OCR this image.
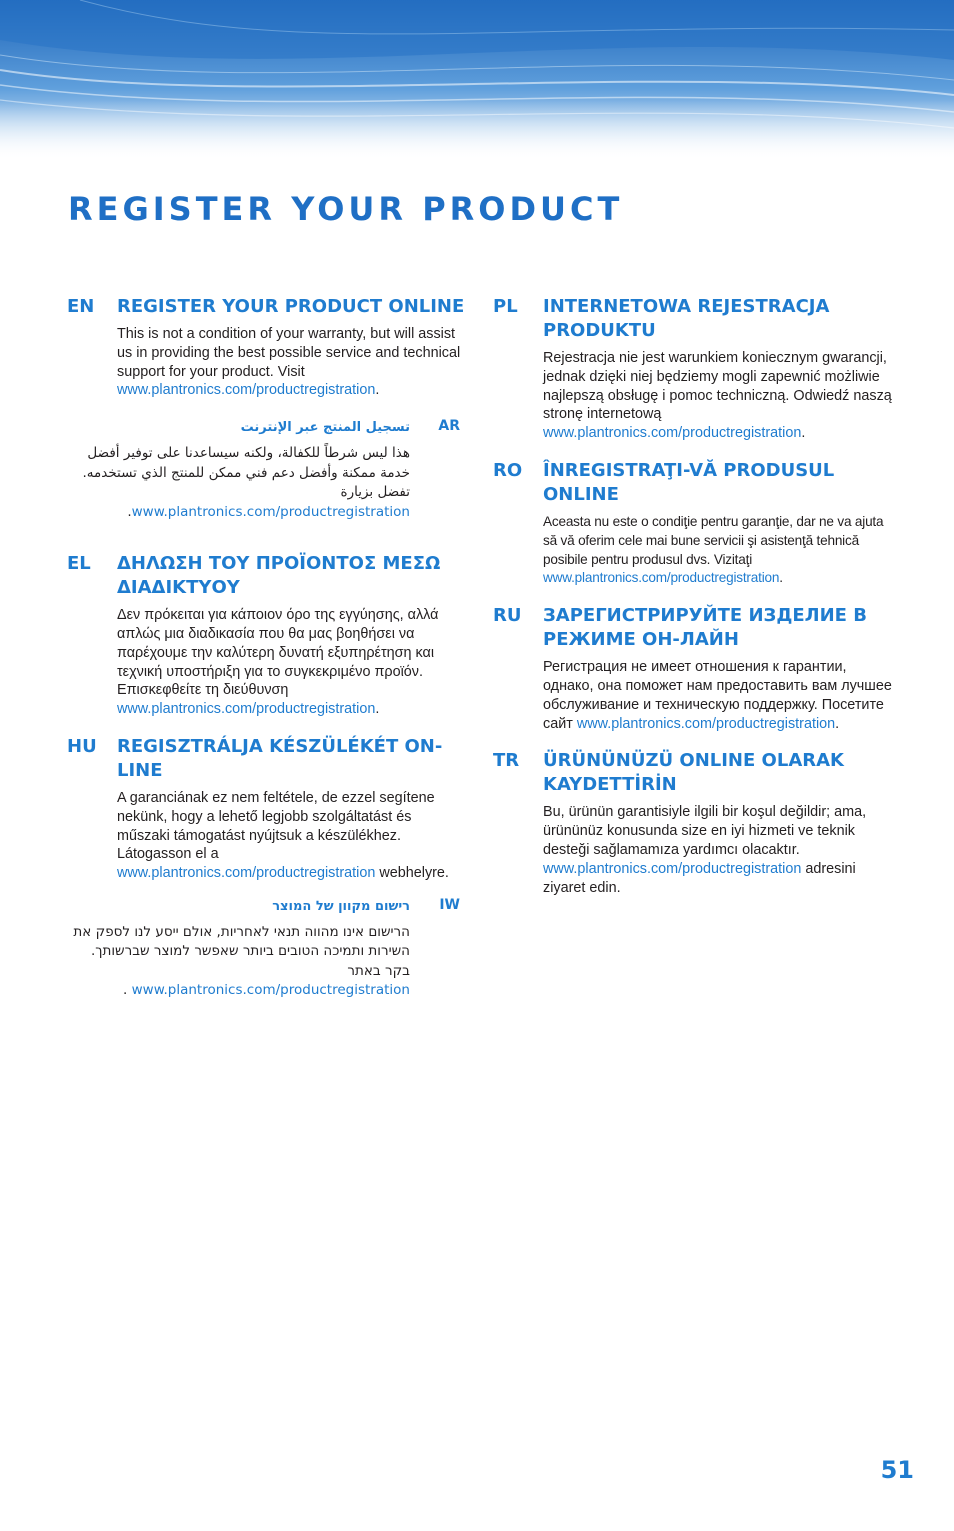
REGISTER YOUR PRODUCT
EN	REGISTER YOUR PRODUCT ONLINE

This is not a condition of your warranty, but will assist us in providing the best possible service and technical support for your product. Visit www.plantronics.com/productregistration.

AR
تسجيل المنتج عبر الإنترنت

هذا ليس شرطاً للكفالة، ولكنه سيساعدنا على توفير أفضل خدمة ممكنة وأفضل دعم فني ممكن للمنتج الذي تستخدمه. تفضل بزيارة www.plantronics.com/productregistration.

EL	ΔΗΛΩΣΗ ΤΟΥ ΠΡΟΪΟΝΤΟΣ ΜΕΣΩ ΔΙΑΔΙΚΤΥΟΥ

Δεν πρόκειται για κάποιον όρο της εγγύησης, αλλά απλώς μια διαδικασία που θα μας βοηθήσει να παρέχουμε την καλύτερη δυνατή εξυπηρέτηση και τεχνική υποστήριξη για το συγκεκριμένο προϊόν. Επισκεφθείτε τη διεύθυνση www.plantronics.com/productregistration.

HU	REGISZTRÁLJA KÉSZÜLÉKÉT ON-LINE

A garanciának ez nem feltétele, de ezzel segítene nekünk, hogy a lehető legjobb szolgáltatást és műszaki támogatást nyújtsuk a készülékhez. Látogasson el a www.plantronics.com/productregistration webhelyre.

IW
רישום מקוון של המוצר

הרישום אינו מהווה תנאי לאחריות, אולם ייסע לנו לספק את השירות ותמיכה הטובים ביותר שאפשר למוצר שברשותך. בקר באתר www.plantronics.com/productregistration .

PL	INTERNETOWA REJESTRACJA PRODUKTU

Rejestracja nie jest warunkiem koniecznym gwarancji, jednak dzięki niej będziemy mogli zapewnić możliwie najlepszą obsługę i pomoc techniczną. Odwiedź naszą stronę internetową www.plantronics.com/productregistration.

RO	ÎNREGISTRAŢI-VĂ PRODUSUL ONLINE

Aceasta nu este o condiţie pentru garanţie, dar ne va ajuta să vă oferim cele mai bune servicii şi asistenţă tehnică posibile pentru produsul dvs. Vizitaţi www.plantronics.com/productregistration.

RU	ЗАРЕГИСТРИРУЙТЕ ИЗДЕЛИЕ В РЕЖИМЕ ОН-ЛАЙН

Регистрация не имеет отношения к гарантии, однако, она поможет нам предоставить вам лучшее обслуживание и техническую поддержку. Посетите сайт www.plantronics.com/productregistration.

TR	ÜRÜNÜNÜZÜ ONLINE OLARAK KAYDETTİRİN

Bu, ürünün garantisiyle ilgili bir koşul değildir; ama, ürününüz konusunda size en iyi hizmeti ve teknik desteği sağlamamıza yardımcı olacaktır. www.plantronics.com/productregistration adresini ziyaret edin.

51
